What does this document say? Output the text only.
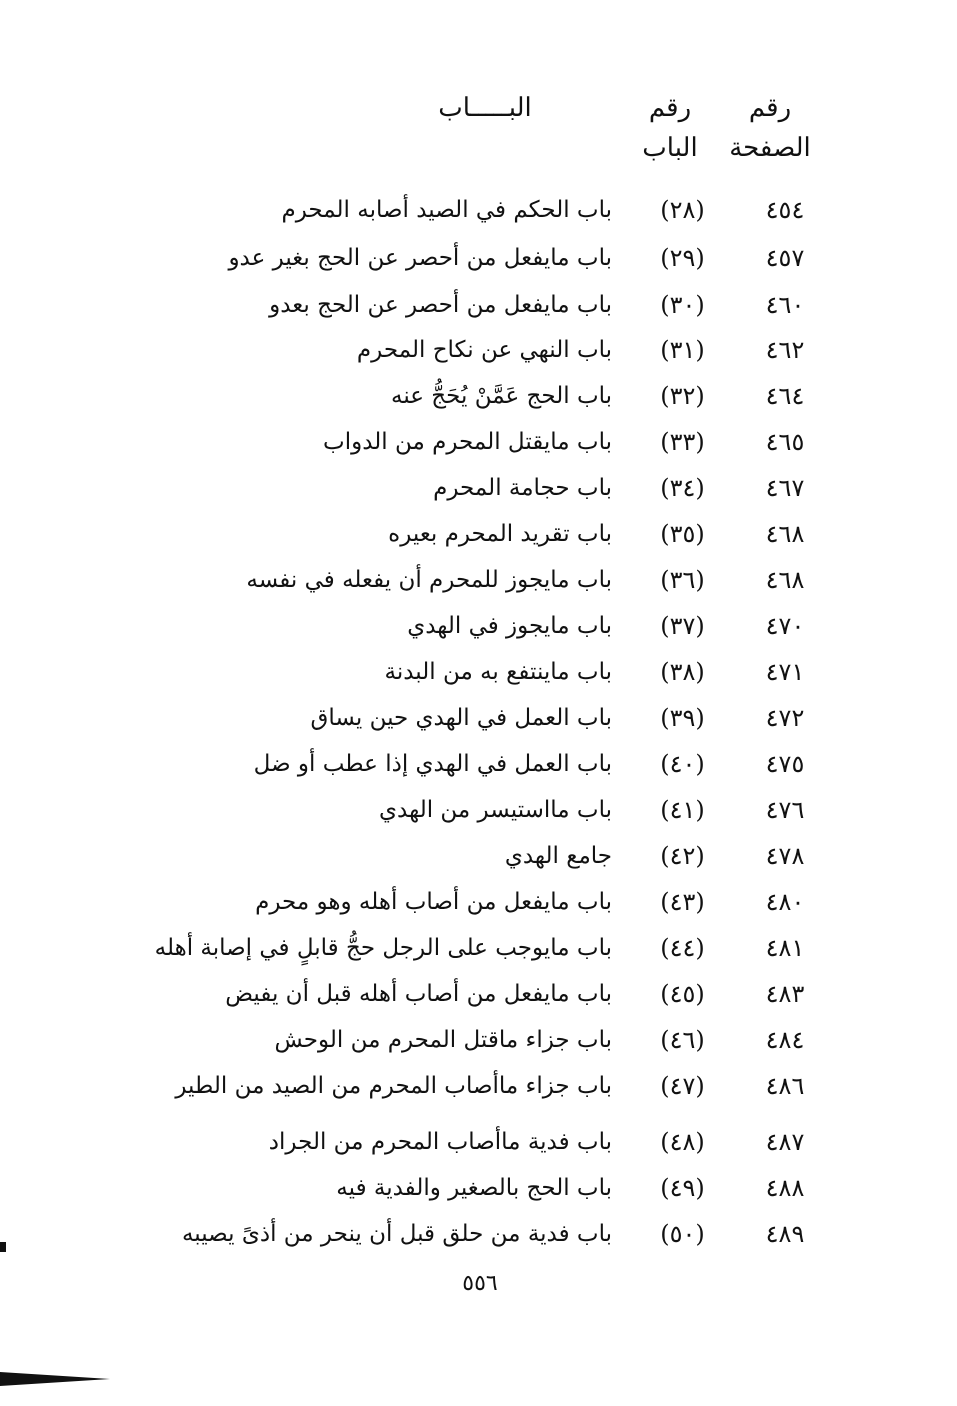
رقم
الصفحة
رقم
الباب
البـــــاب
٤٥٤
(٢٨)
باب الحكم في الصيد أصابه المحرم
٤٥٧
(٢٩)
باب مايفعل من أحصر عن الحج بغير عدو
٤٦٠
(٣٠)
باب مايفعل من أحصر عن الحج بعدو
٤٦٢
(٣١)
باب النهي عن نكاح المحرم
٤٦٤
(٣٢)
باب الحج عَمَّنْ يُحَجُّ عنه
٤٦٥
(٣٣)
باب مايقتل المحرم من الدواب
٤٦٧
(٣٤)
باب حجامة المحرم
٤٦٨
(٣٥)
باب تقريد المحرم بعيره
٤٦٨
(٣٦)
باب مايجوز للمحرم أن يفعله في نفسه
٤٧٠
(٣٧)
باب مايجوز في الهدي
٤٧١
(٣٨)
باب ماينتفع به من البدنة
٤٧٢
(٣٩)
باب العمل في الهدي حين يساق
٤٧٥
(٤٠)
باب العمل في الهدي إذا عطب أو ضل
٤٧٦
(٤١)
باب مااستيسر من الهدي
٤٧٨
(٤٢)
جامع الهدي
٤٨٠
(٤٣)
باب مايفعل من أصاب أهله وهو محرم
٤٨١
(٤٤)
باب مايوجب على الرجل حجُّ قابلٍ في إصابة أهله
٤٨٣
(٤٥)
باب مايفعل من أصاب أهله قبل أن يفيض
٤٨٤
(٤٦)
باب جزاء ماقتل المحرم من الوحش
٤٨٦
(٤٧)
باب جزاء ماأصاب المحرم من الصيد من الطير
٤٨٧
(٤٨)
باب فدية ماأصاب المحرم من الجراد
٤٨٨
(٤٩)
باب الحج بالصغير والفدية فيه
٤٨٩
(٥٠)
باب فدية من حلق قبل أن ينحر من أذىً يصيبه
٥٥٦
